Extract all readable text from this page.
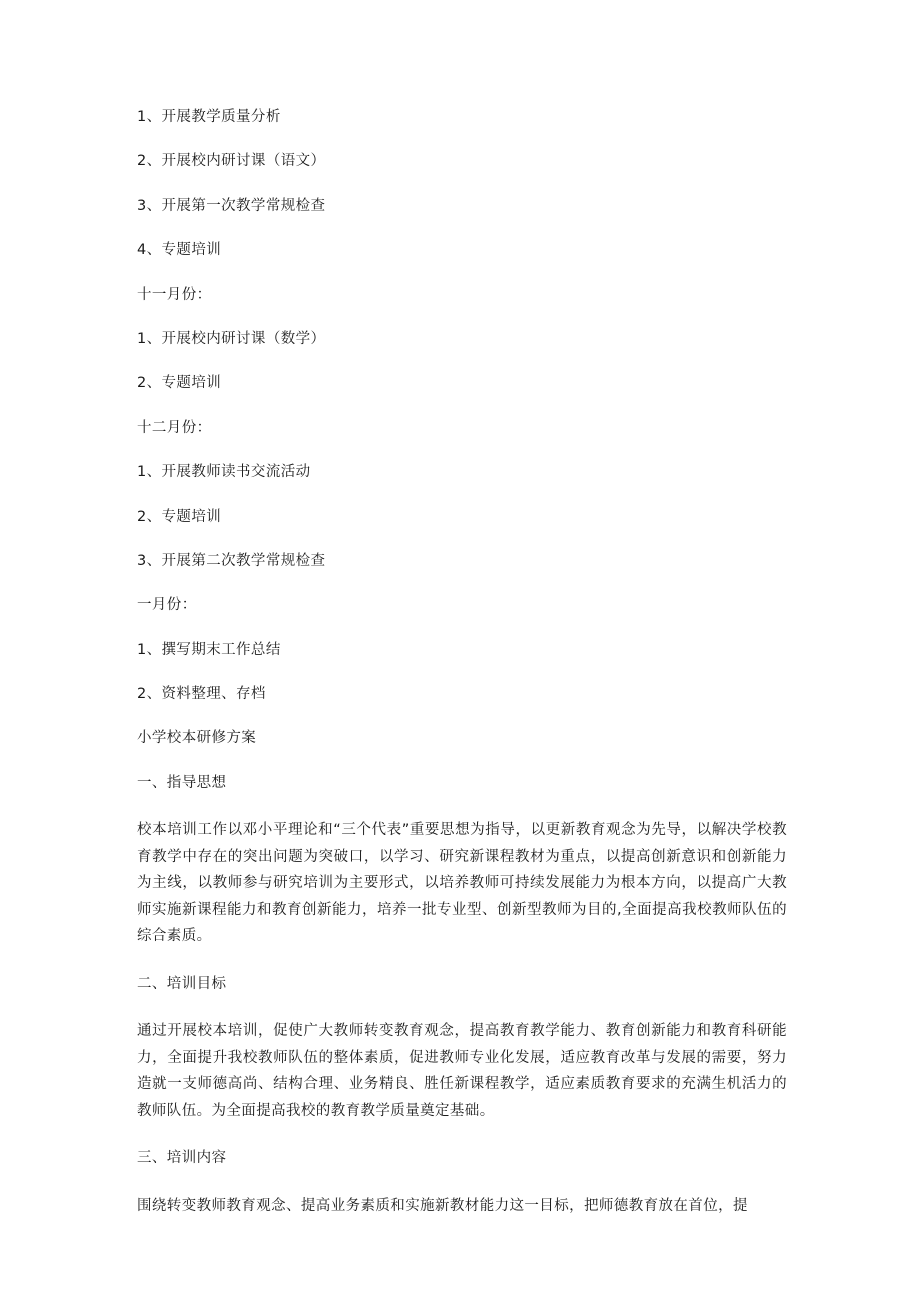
1、开展教学质量分析
2、开展校内研讨课（语文）
3、开展第一次教学常规检查
4、专题培训
十一月份：
1、开展校内研讨课（数学）
2、专题培训
十二月份：
1、开展教师读书交流活动
2、专题培训
3、开展第二次教学常规检查
一月份：
1、撰写期末工作总结
2、资料整理、存档
小学校本研修方案
一、指导思想

校本培训工作以邓小平理论和“三个代表”重要思想为指导，以更新教育观念为先导，以解决学校教育教学中存在的突出问题为突破口，以学习、研究新课程教材为重点，以提高创新意识和创新能力为主线，以教师参与研究培训为主要形式，以培养教师可持续发展能力为根本方向，以提高广大教师实施新课程能力和教育创新能力，培养一批专业型、创新型教师为目的,全面提高我校教师队伍的综合素质。

二、培训目标

通过开展校本培训，促使广大教师转变教育观念，提高教育教学能力、教育创新能力和教育科研能力，全面提升我校教师队伍的整体素质，促进教师专业化发展，适应教育改革与发展的需要，努力造就一支师德高尚、结构合理、业务精良、胜任新课程教学，适应素质教育要求的充满生机活力的教师队伍。为全面提高我校的教育教学质量奠定基础。

三、培训内容

围绕转变教师教育观念、提高业务素质和实施新教材能力这一目标，把师德教育放在首位，提
